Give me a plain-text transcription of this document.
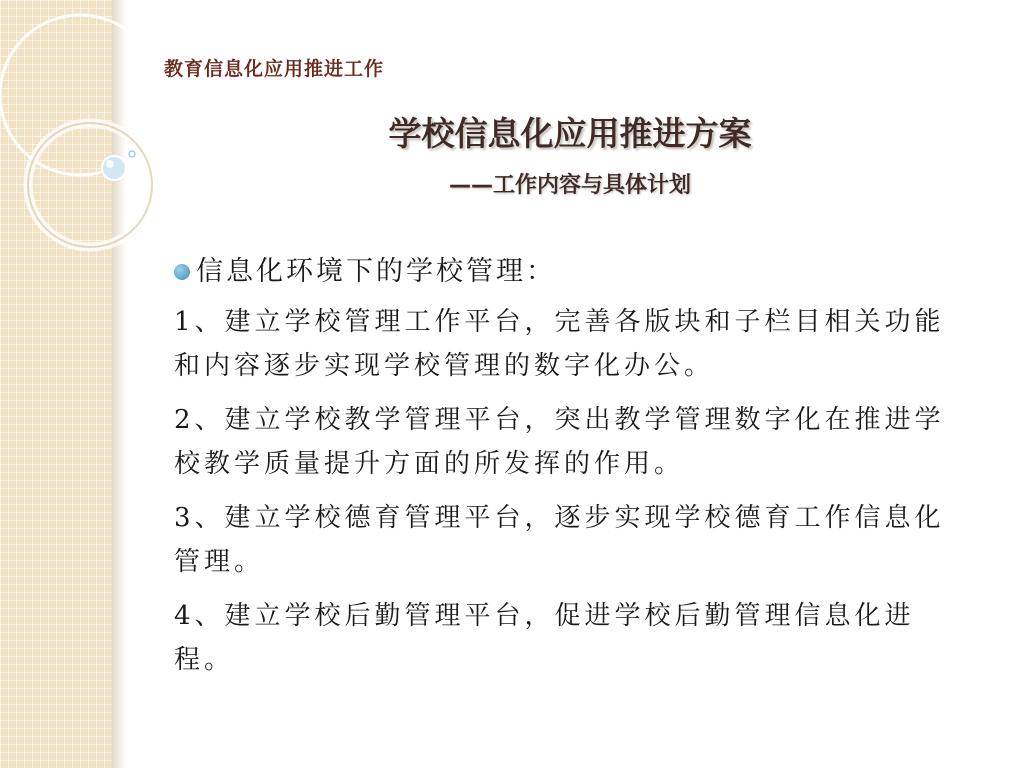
教育信息化应用推进工作
学校信息化应用推进方案
——工作内容与具体计划
信息化环境下的学校管理：

1、建立学校管理工作平台，完善各版块和子栏目相关功能和内容逐步实现学校管理的数字化办公。

2、建立学校教学管理平台，突出教学管理数字化在推进学校教学质量提升方面的所发挥的作用。

3、建立学校德育管理平台，逐步实现学校德育工作信息化管理。

4、建立学校后勤管理平台，促进学校后勤管理信息化进程。
